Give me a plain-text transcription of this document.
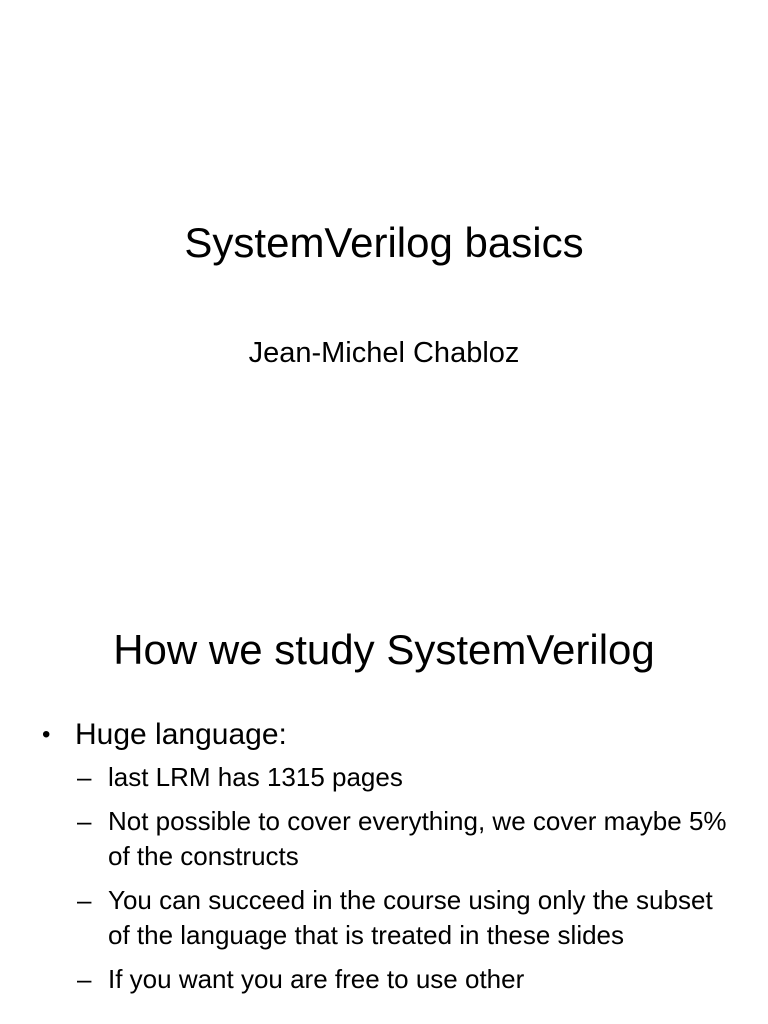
SystemVerilog basics
Jean-Michel Chabloz
How we study SystemVerilog
• Huge language:
– last LRM has 1315 pages
– Not possible to cover everything, we cover maybe 5% of the constructs
– You can succeed in the course using only the subset of the language that is treated in these slides
– If you want you are free to use other
